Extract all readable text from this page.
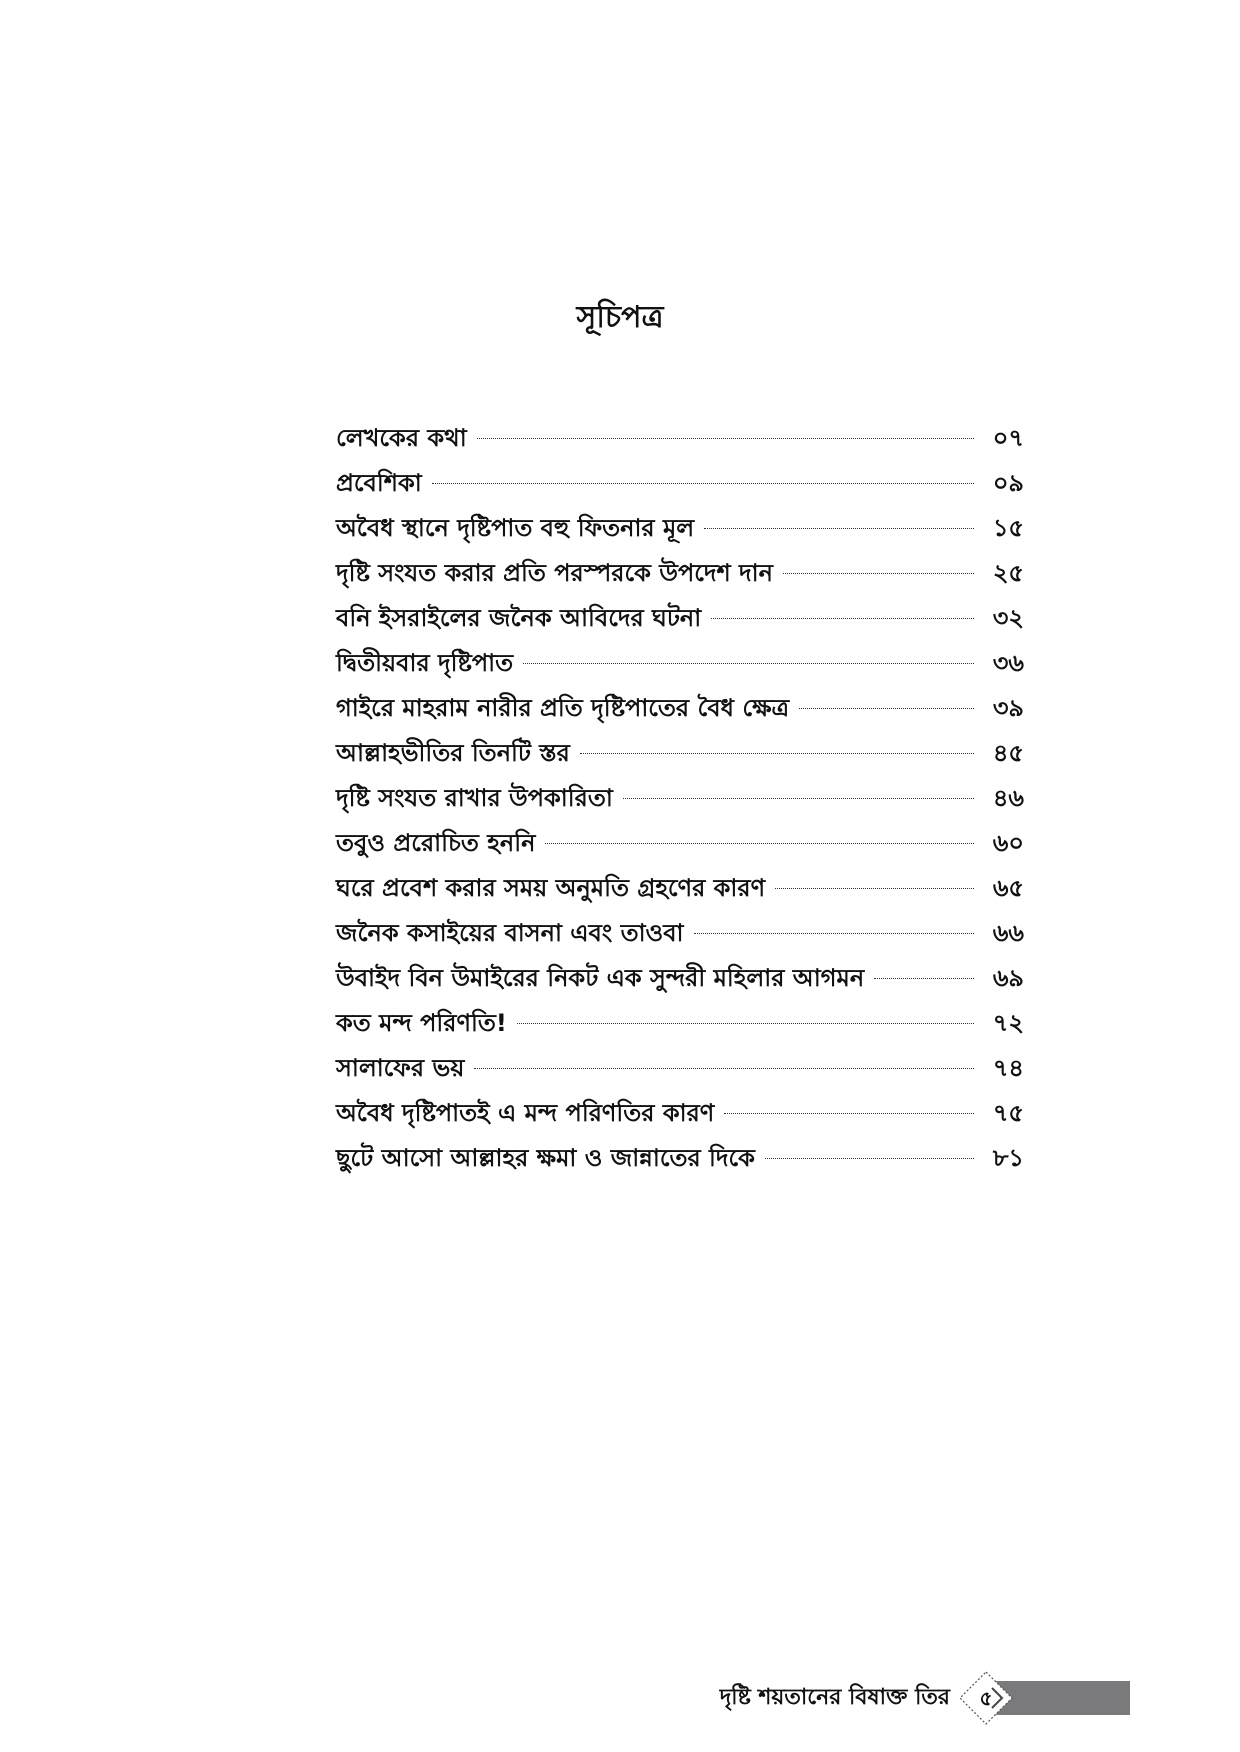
সূচিপত্র
লেখকের কথা	০৭
প্রবেশিকা	০৯
অবৈধ স্থানে দৃষ্টিপাত বহু ফিতনার মূল	১৫
দৃষ্টি সংযত করার প্রতি পরস্পরকে উপদেশ দান	২৫
বনি ইসরাইলের জনৈক আবিদের ঘটনা	৩২
দ্বিতীয়বার দৃষ্টিপাত	৩৬
গাইরে মাহরাম নারীর প্রতি দৃষ্টিপাতের বৈধ ক্ষেত্র	৩৯
আল্লাহভীতির তিনটি স্তর	৪৫
দৃষ্টি সংযত রাখার উপকারিতা	৪৬
তবুও প্ররোচিত হননি	৬০
ঘরে প্রবেশ করার সময় অনুমতি গ্রহণের কারণ	৬৫
জনৈক কসাইয়ের বাসনা এবং তাওবা	৬৬
উবাইদ বিন উমাইরের নিকট এক সুন্দরী মহিলার আগমন	৬৯
কত মন্দ পরিণতি!	৭২
সালাফের ভয়	৭৪
অবৈধ দৃষ্টিপাতই এ মন্দ পরিণতির কারণ	৭৫
ছুটে আসো আল্লাহর ক্ষমা ও জান্নাতের দিকে	৮১
দৃষ্টি শয়তানের বিষাক্ত তির	৫
